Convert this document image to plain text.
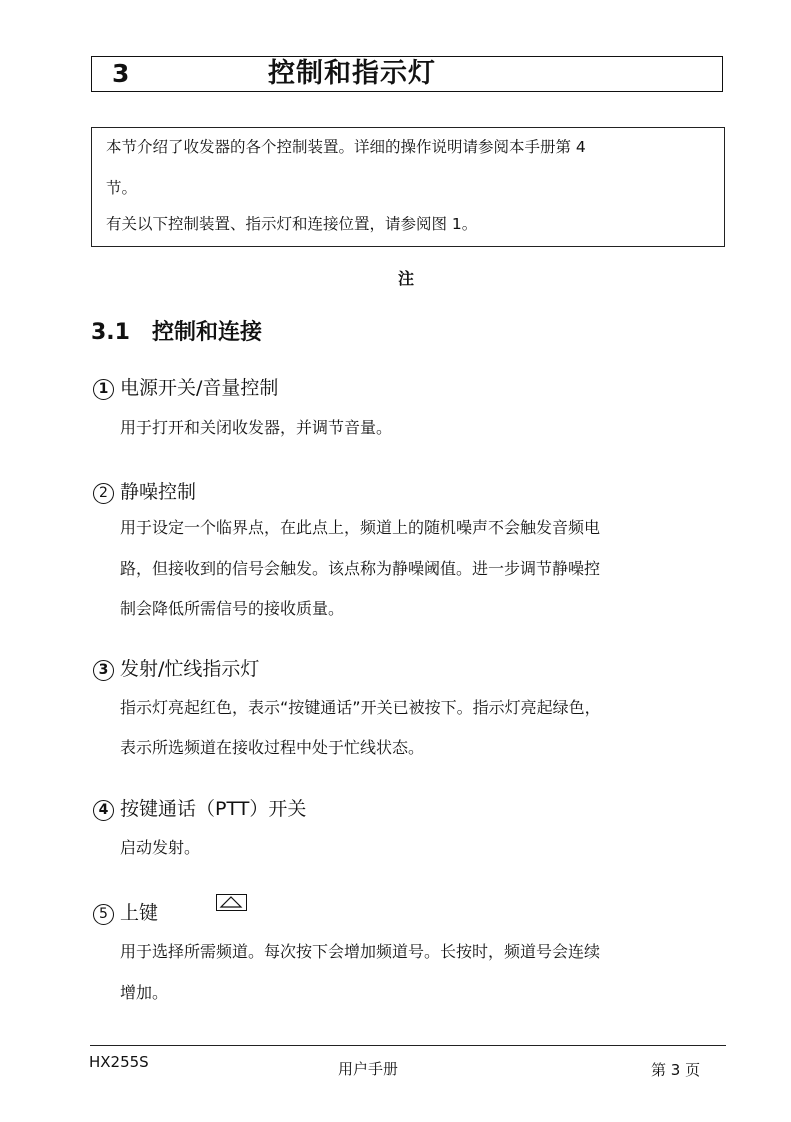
3	控制和指示灯
本节介绍了收发器的各个控制装置。详细的操作说明请参阅本手册第 4
节。
有关以下控制装置、指示灯和连接位置，请参阅图 1。
注
3.1 控制和连接
1 电源开关/音量控制
用于打开和关闭收发器，并调节音量。
2 静噪控制
用于设定一个临界点，在此点上，频道上的随机噪声不会触发音频电
路，但接收到的信号会触发。该点称为静噪阈值。进一步调节静噪控
制会降低所需信号的接收质量。
3 发射/忙线指示灯
指示灯亮起红色，表示“按键通话”开关已被按下。指示灯亮起绿色，
表示所选频道在接收过程中处于忙线状态。
4 按键通话（PTT）开关
启动发射。
5 上键
用于选择所需频道。每次按下会增加频道号。长按时，频道号会连续
增加。
HX255S	用户手册	第 3 页
